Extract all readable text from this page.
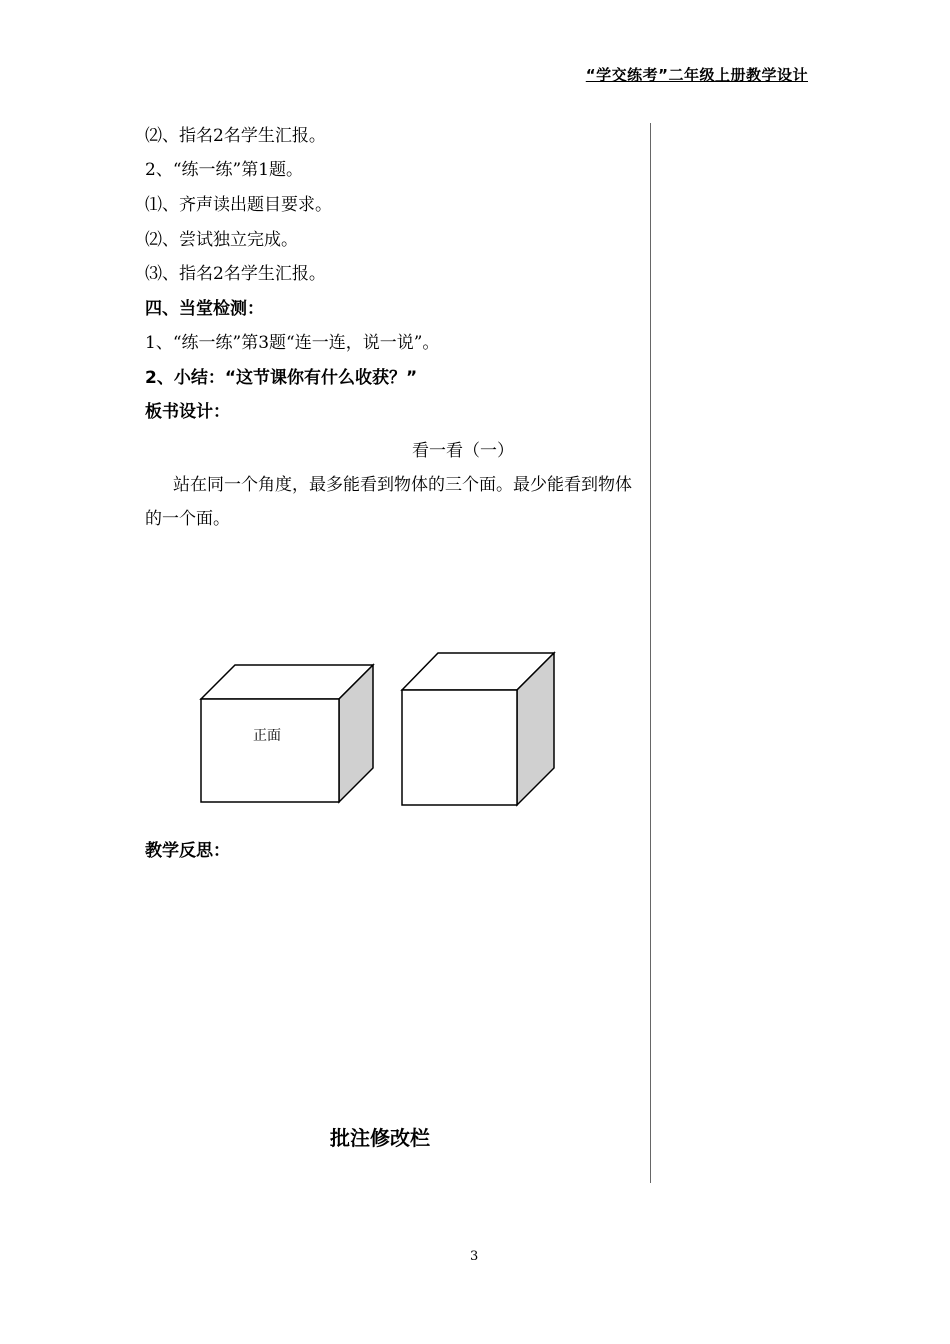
“学交练考”二年级上册教学设计
⑵、指名2名学生汇报。
2、“练一练”第1题。
⑴、齐声读出题目要求。
⑵、尝试独立完成。
⑶、指名2名学生汇报。
四、当堂检测：
1、“练一练”第3题“连一连，说一说”。
2、小结：“这节课你有什么收获？”
板书设计：
看一看（一）
站在同一个角度，最多能看到物体的三个面。最少能看到物体的一个面。
正面
教学反思：
批注修改栏
3
